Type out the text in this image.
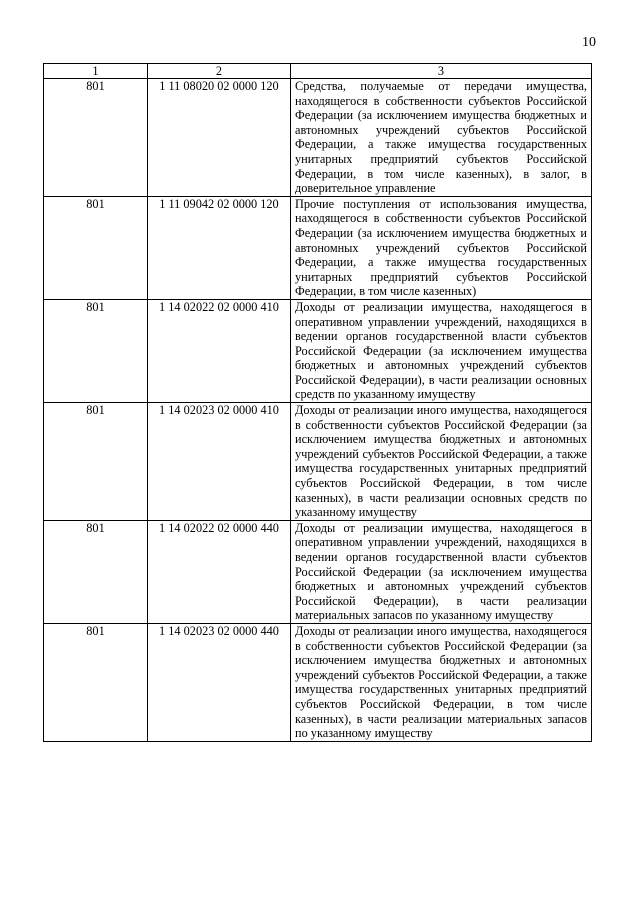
10
1	2	3
801	1 11 08020 02 0000 120	Средства, получаемые от передачи имущества, находящегося в собственности субъектов Российской Федерации (за исключением имущества бюджетных и автономных учреждений субъектов Российской Федерации, а также имущества государственных унитарных предприятий субъектов Российской Федерации, в том числе казенных), в залог, в доверительное управление
801	1 11 09042 02 0000 120	Прочие поступления от использования имущества, находящегося в собственности субъектов Российской Федерации (за исключением имущества бюджетных и автономных учреждений субъектов Российской Федерации, а также имущества государственных унитарных предприятий субъектов Российской Федерации, в том числе казенных)
801	1 14 02022 02 0000 410	Доходы от реализации имущества, находящегося в оперативном управлении учреждений, находящихся в ведении органов государственной власти субъектов Российской Федерации (за исключением имущества бюджетных и автономных учреждений субъектов Российской Федерации), в части реализации основных средств по указанному имуществу
801	1 14 02023 02 0000 410	Доходы от реализации иного имущества, находящегося в собственности субъектов Российской Федерации (за исключением имущества бюджетных и автономных учреждений субъектов Российской Федерации, а также имущества государственных унитарных предприятий субъектов Российской Федерации, в том числе казенных), в части реализации основных средств по указанному имуществу
801	1 14 02022 02 0000 440	Доходы от реализации имущества, находящегося в оперативном управлении учреждений, находящихся в ведении органов государственной власти субъектов Российской Федерации (за исключением имущества бюджетных и автономных учреждений субъектов Российской Федерации), в части реализации материальных запасов по указанному имуществу
801	1 14 02023 02 0000 440	Доходы от реализации иного имущества, находящегося в собственности субъектов Российской Федерации (за исключением имущества бюджетных и автономных учреждений субъектов Российской Федерации, а также имущества государственных унитарных предприятий субъектов Российской Федерации, в том числе казенных), в части реализации материальных запасов по указанному имуществу
